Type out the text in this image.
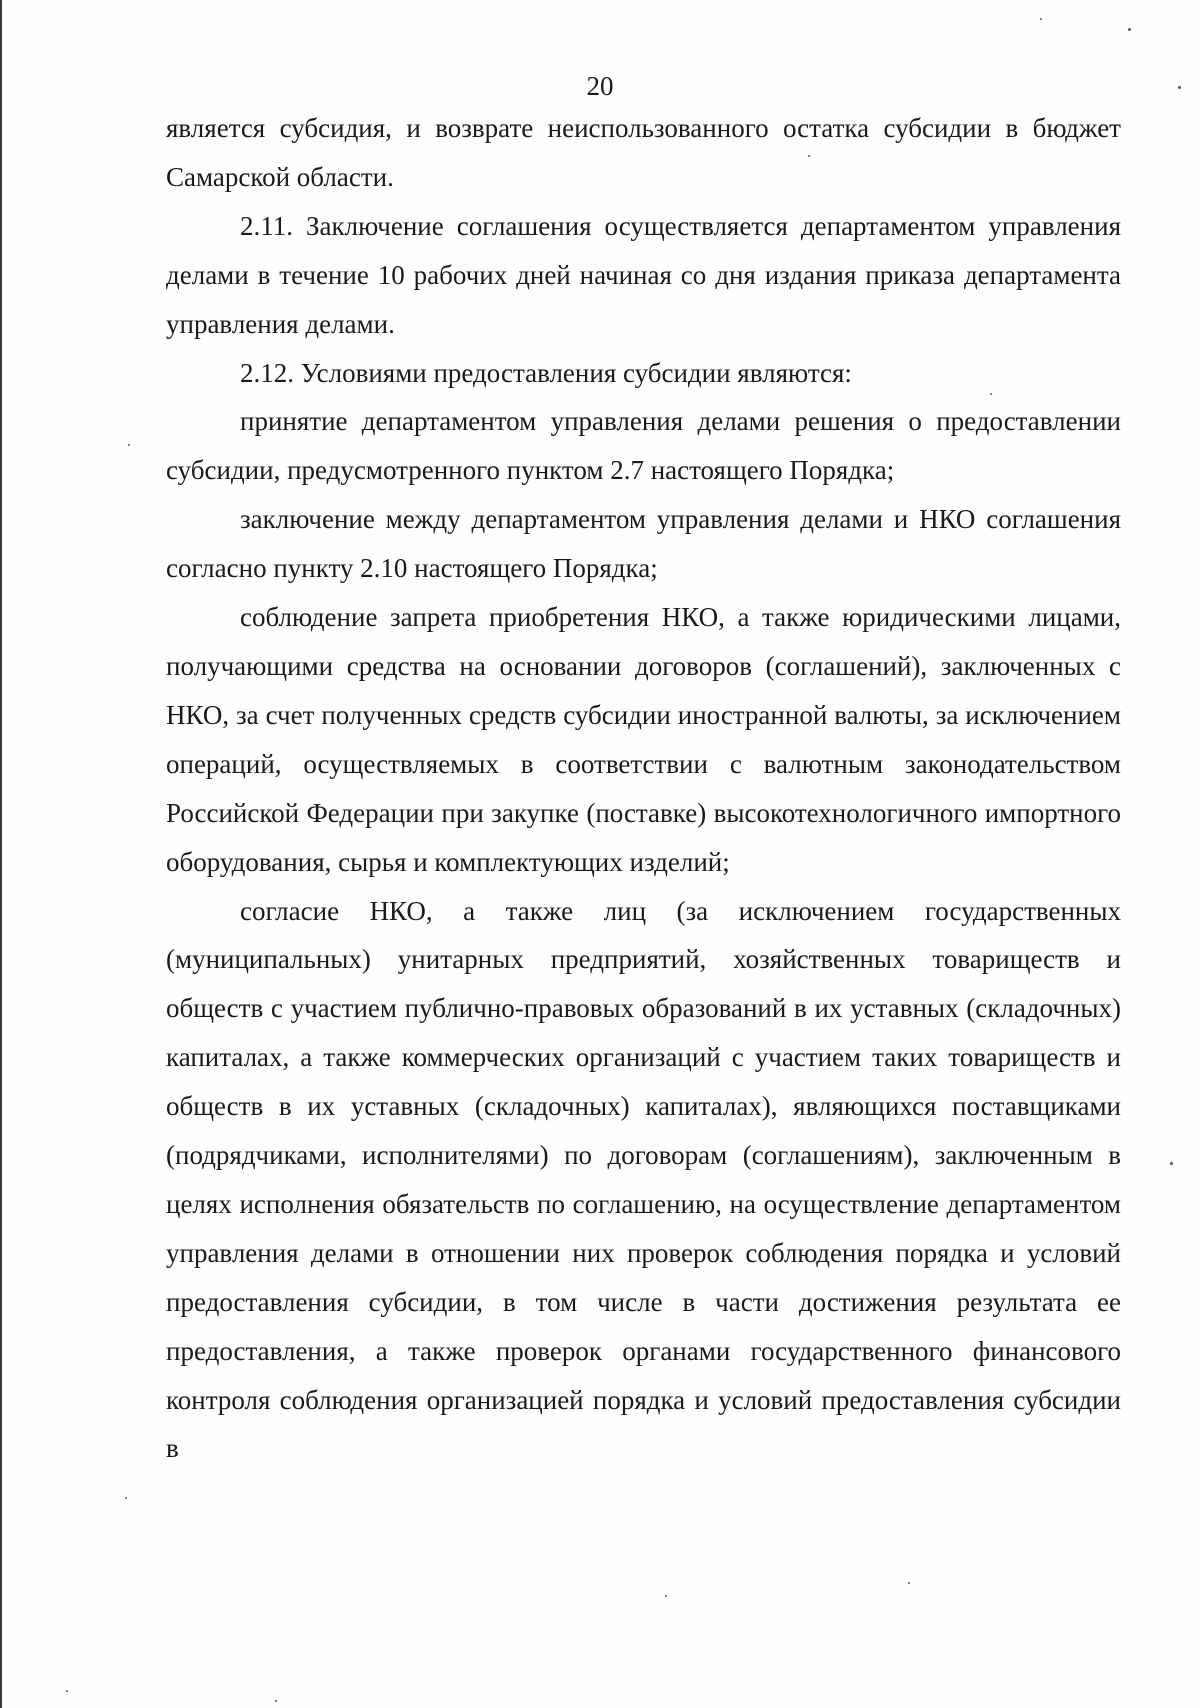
20

является субсидия, и возврате неиспользованного остатка субсидии в бюджет Самарской области.

2.11. Заключение соглашения осуществляется департаментом управления делами в течение 10 рабочих дней начиная со дня издания приказа департамента управления делами.

2.12. Условиями предоставления субсидии являются:

принятие департаментом управления делами решения о предоставлении субсидии, предусмотренного пунктом 2.7 настоящего Порядка;

заключение между департаментом управления делами и НКО соглашения согласно пункту 2.10 настоящего Порядка;

соблюдение запрета приобретения НКО, а также юридическими лицами, получающими средства на основании договоров (соглашений), заключенных с НКО, за счет полученных средств субсидии иностранной валюты, за исключением операций, осуществляемых в соответствии с валютным законодательством Российской Федерации при закупке (поставке) высокотехнологичного импортного оборудования, сырья и комплектующих изделий;

согласие НКО, а также лиц (за исключением государственных (муниципальных) унитарных предприятий, хозяйственных товариществ и обществ с участием публично-правовых образований в их уставных (складочных) капиталах, а также коммерческих организаций с участием таких товариществ и обществ в их уставных (складочных) капиталах), являющихся поставщиками (подрядчиками, исполнителями) по договорам (соглашениям), заключенным в целях исполнения обязательств по соглашению, на осуществление департаментом управления делами в отношении них проверок соблюдения порядка и условий предоставления субсидии, в том числе в части достижения результата ее предоставления, а также проверок органами государственного финансового контроля соблюдения организацией порядка и условий предоставления субсидии в
